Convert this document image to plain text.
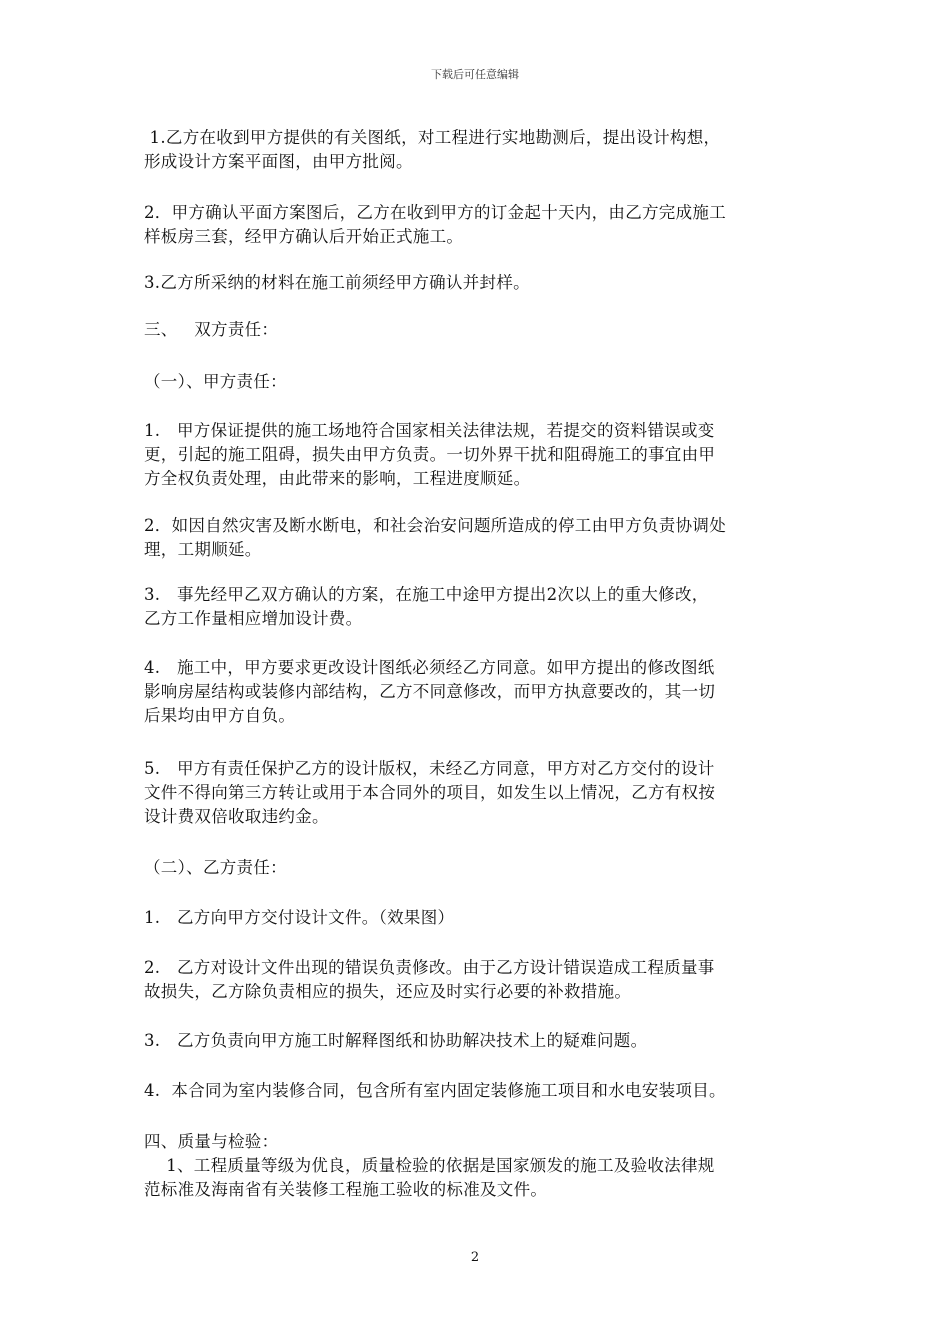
下载后可任意编辑
1.乙方在收到甲方提供的有关图纸，对工程进行实地勘测后，提出设计构想，
形成设计方案平面图，由甲方批阅。
2．甲方确认平面方案图后，乙方在收到甲方的订金起十天内，由乙方完成施工
样板房三套，经甲方确认后开始正式施工。
3.乙方所采纳的材料在施工前须经甲方确认并封样。
三、   双方责任：
（一）、甲方责任：
1.   甲方保证提供的施工场地符合国家相关法律法规，若提交的资料错误或变
更，引起的施工阻碍，损失由甲方负责。一切外界干扰和阻碍施工的事宜由甲
方全权负责处理，由此带来的影响，工程进度顺延。
2．如因自然灾害及断水断电，和社会治安问题所造成的停工由甲方负责协调处
理，工期顺延。
3.   事先经甲乙双方确认的方案，在施工中途甲方提出2次以上的重大修改，
乙方工作量相应增加设计费。
4.   施工中，甲方要求更改设计图纸必须经乙方同意。如甲方提出的修改图纸
影响房屋结构或装修内部结构，乙方不同意修改，而甲方执意要改的，其一切
后果均由甲方自负。
5.   甲方有责任保护乙方的设计版权，未经乙方同意，甲方对乙方交付的设计
文件不得向第三方转让或用于本合同外的项目，如发生以上情况，乙方有权按
设计费双倍收取违约金。
（二）、乙方责任：
1.   乙方向甲方交付设计文件。（效果图）
2.   乙方对设计文件出现的错误负责修改。由于乙方设计错误造成工程质量事
故损失，乙方除负责相应的损失，还应及时实行必要的补救措施。
3.   乙方负责向甲方施工时解释图纸和协助解决技术上的疑难问题。
4.  本合同为室内装修合同，包含所有室内固定装修施工项目和水电安装项目。
四、质量与检验：
1、工程质量等级为优良，质量检验的依据是国家颁发的施工及验收法律规
范标准及海南省有关装修工程施工验收的标准及文件。
2
